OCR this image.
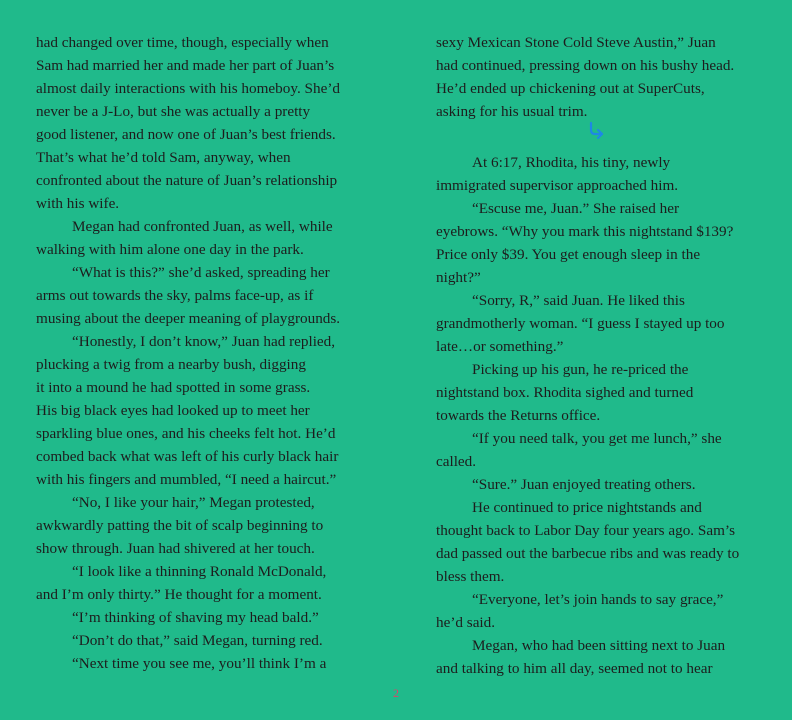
had changed over time, though, especially when
Sam had married her and made her part of Juan’s
almost daily interactions with his homeboy. She’d
never be a J-Lo, but she was actually a pretty
good listener, and now one of Juan’s best friends.
That’s what he’d told Sam, anyway, when
confronted about the nature of Juan’s relationship
with his wife.
Megan had confronted Juan, as well, while
walking with him alone one day in the park.
“What is this?” she’d asked, spreading her
arms out towards the sky, palms face-up, as if
musing about the deeper meaning of playgrounds.
“Honestly, I don’t know,” Juan had replied,
plucking a twig from a nearby bush, digging
it into a mound he had spotted in some grass.
His big black eyes had looked up to meet her
sparkling blue ones, and his cheeks felt hot. He’d
combed back what was left of his curly black hair
with his fingers and mumbled, “I need a haircut.”
“No, I like your hair,” Megan protested,
awkwardly patting the bit of scalp beginning to
show through. Juan had shivered at her touch.
“I look like a thinning Ronald McDonald,
and I’m only thirty.” He thought for a moment.
“I’m thinking of shaving my head bald.”
“Don’t do that,” said Megan, turning red.
“Next time you see me, you’ll think I’m a
sexy Mexican Stone Cold Steve Austin,” Juan
had continued, pressing down on his bushy head.
He’d ended up chickening out at SuperCuts,
asking for his usual trim.
At 6:17, Rhodita, his tiny, newly
immigrated supervisor approached him.
“Escuse me, Juan.” She raised her
eyebrows. “Why you mark this nightstand $139?
Price only $39. You get enough sleep in the
night?”
“Sorry, R,” said Juan. He liked this
grandmotherly woman. “I guess I stayed up too
late…or something.”
Picking up his gun, he re-priced the
nightstand box. Rhodita sighed and turned
towards the Returns office.
“If you need talk, you get me lunch,” she
called.
“Sure.” Juan enjoyed treating others.
He continued to price nightstands and
thought back to Labor Day four years ago. Sam’s
dad passed out the barbecue ribs and was ready to
bless them.
“Everyone, let’s join hands to say grace,”
he’d said.
Megan, who had been sitting next to Juan
and talking to him all day, seemed not to hear
2
